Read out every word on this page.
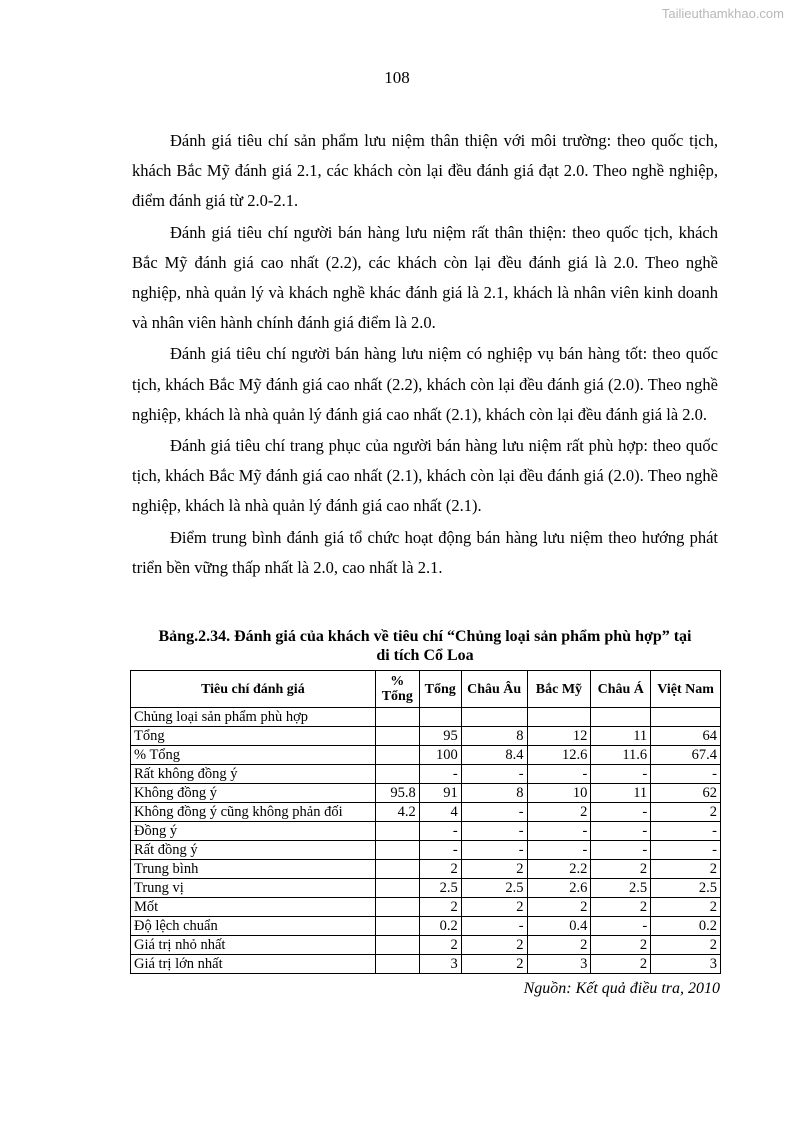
Tailieuthamkhao.com
108

Đánh giá tiêu chí sản phẩm lưu niệm thân thiện với môi trường: theo quốc tịch, khách Bắc Mỹ đánh giá 2.1, các khách còn lại đều đánh giá đạt 2.0. Theo nghề nghiệp, điểm đánh giá từ 2.0-2.1.

Đánh giá tiêu chí người bán hàng lưu niệm rất thân thiện: theo quốc tịch, khách Bắc Mỹ đánh giá cao nhất (2.2), các khách còn lại đều đánh giá là 2.0. Theo nghề nghiệp, nhà quản lý và khách nghề khác đánh giá là 2.1, khách là nhân viên kinh doanh và nhân viên hành chính đánh giá điểm là 2.0.

Đánh giá tiêu chí người bán hàng lưu niệm có nghiệp vụ bán hàng tốt: theo quốc tịch, khách Bắc Mỹ đánh giá cao nhất (2.2), khách còn lại đều đánh giá (2.0). Theo nghề nghiệp, khách là nhà quản lý đánh giá cao nhất (2.1), khách còn lại đều đánh giá là 2.0.

Đánh giá tiêu chí trang phục của người bán hàng lưu niệm rất phù hợp: theo quốc tịch, khách Bắc Mỹ đánh giá cao nhất (2.1), khách còn lại đều đánh giá (2.0). Theo nghề nghiệp, khách là nhà quản lý đánh giá cao nhất (2.1).

Điểm trung bình đánh giá tổ chức hoạt động bán hàng lưu niệm theo hướng phát triển bền vững thấp nhất là 2.0, cao nhất là 2.1.

Bảng.2.34. Đánh giá của khách về tiêu chí “Chủng loại sản phẩm phù hợp” tại
di tích Cổ Loa
Tiêu chí đánh giá	% Tổng	Tổng	Châu Âu	Bắc Mỹ	Châu Á	Việt Nam
Chủng loại sản phẩm phù hợp						
Tổng		95	8	12	11	64
% Tổng		100	8.4	12.6	11.6	67.4
Rất không đồng ý		-	-	-	-	-
Không đồng ý	95.8	91	8	10	11	62
Không đồng ý cũng không phản đối	4.2	4	-	2	-	2
Đồng ý		-	-	-	-	-
Rất đồng ý		-	-	-	-	-
Trung bình		2	2	2.2	2	2
Trung vị		2.5	2.5	2.6	2.5	2.5
Mốt		2	2	2	2	2
Độ lệch chuẩn		0.2	-	0.4	-	0.2
Giá trị nhỏ nhất		2	2	2	2	2
Giá trị lớn nhất		3	2	3	2	3
Nguồn: Kết quả điều tra, 2010
